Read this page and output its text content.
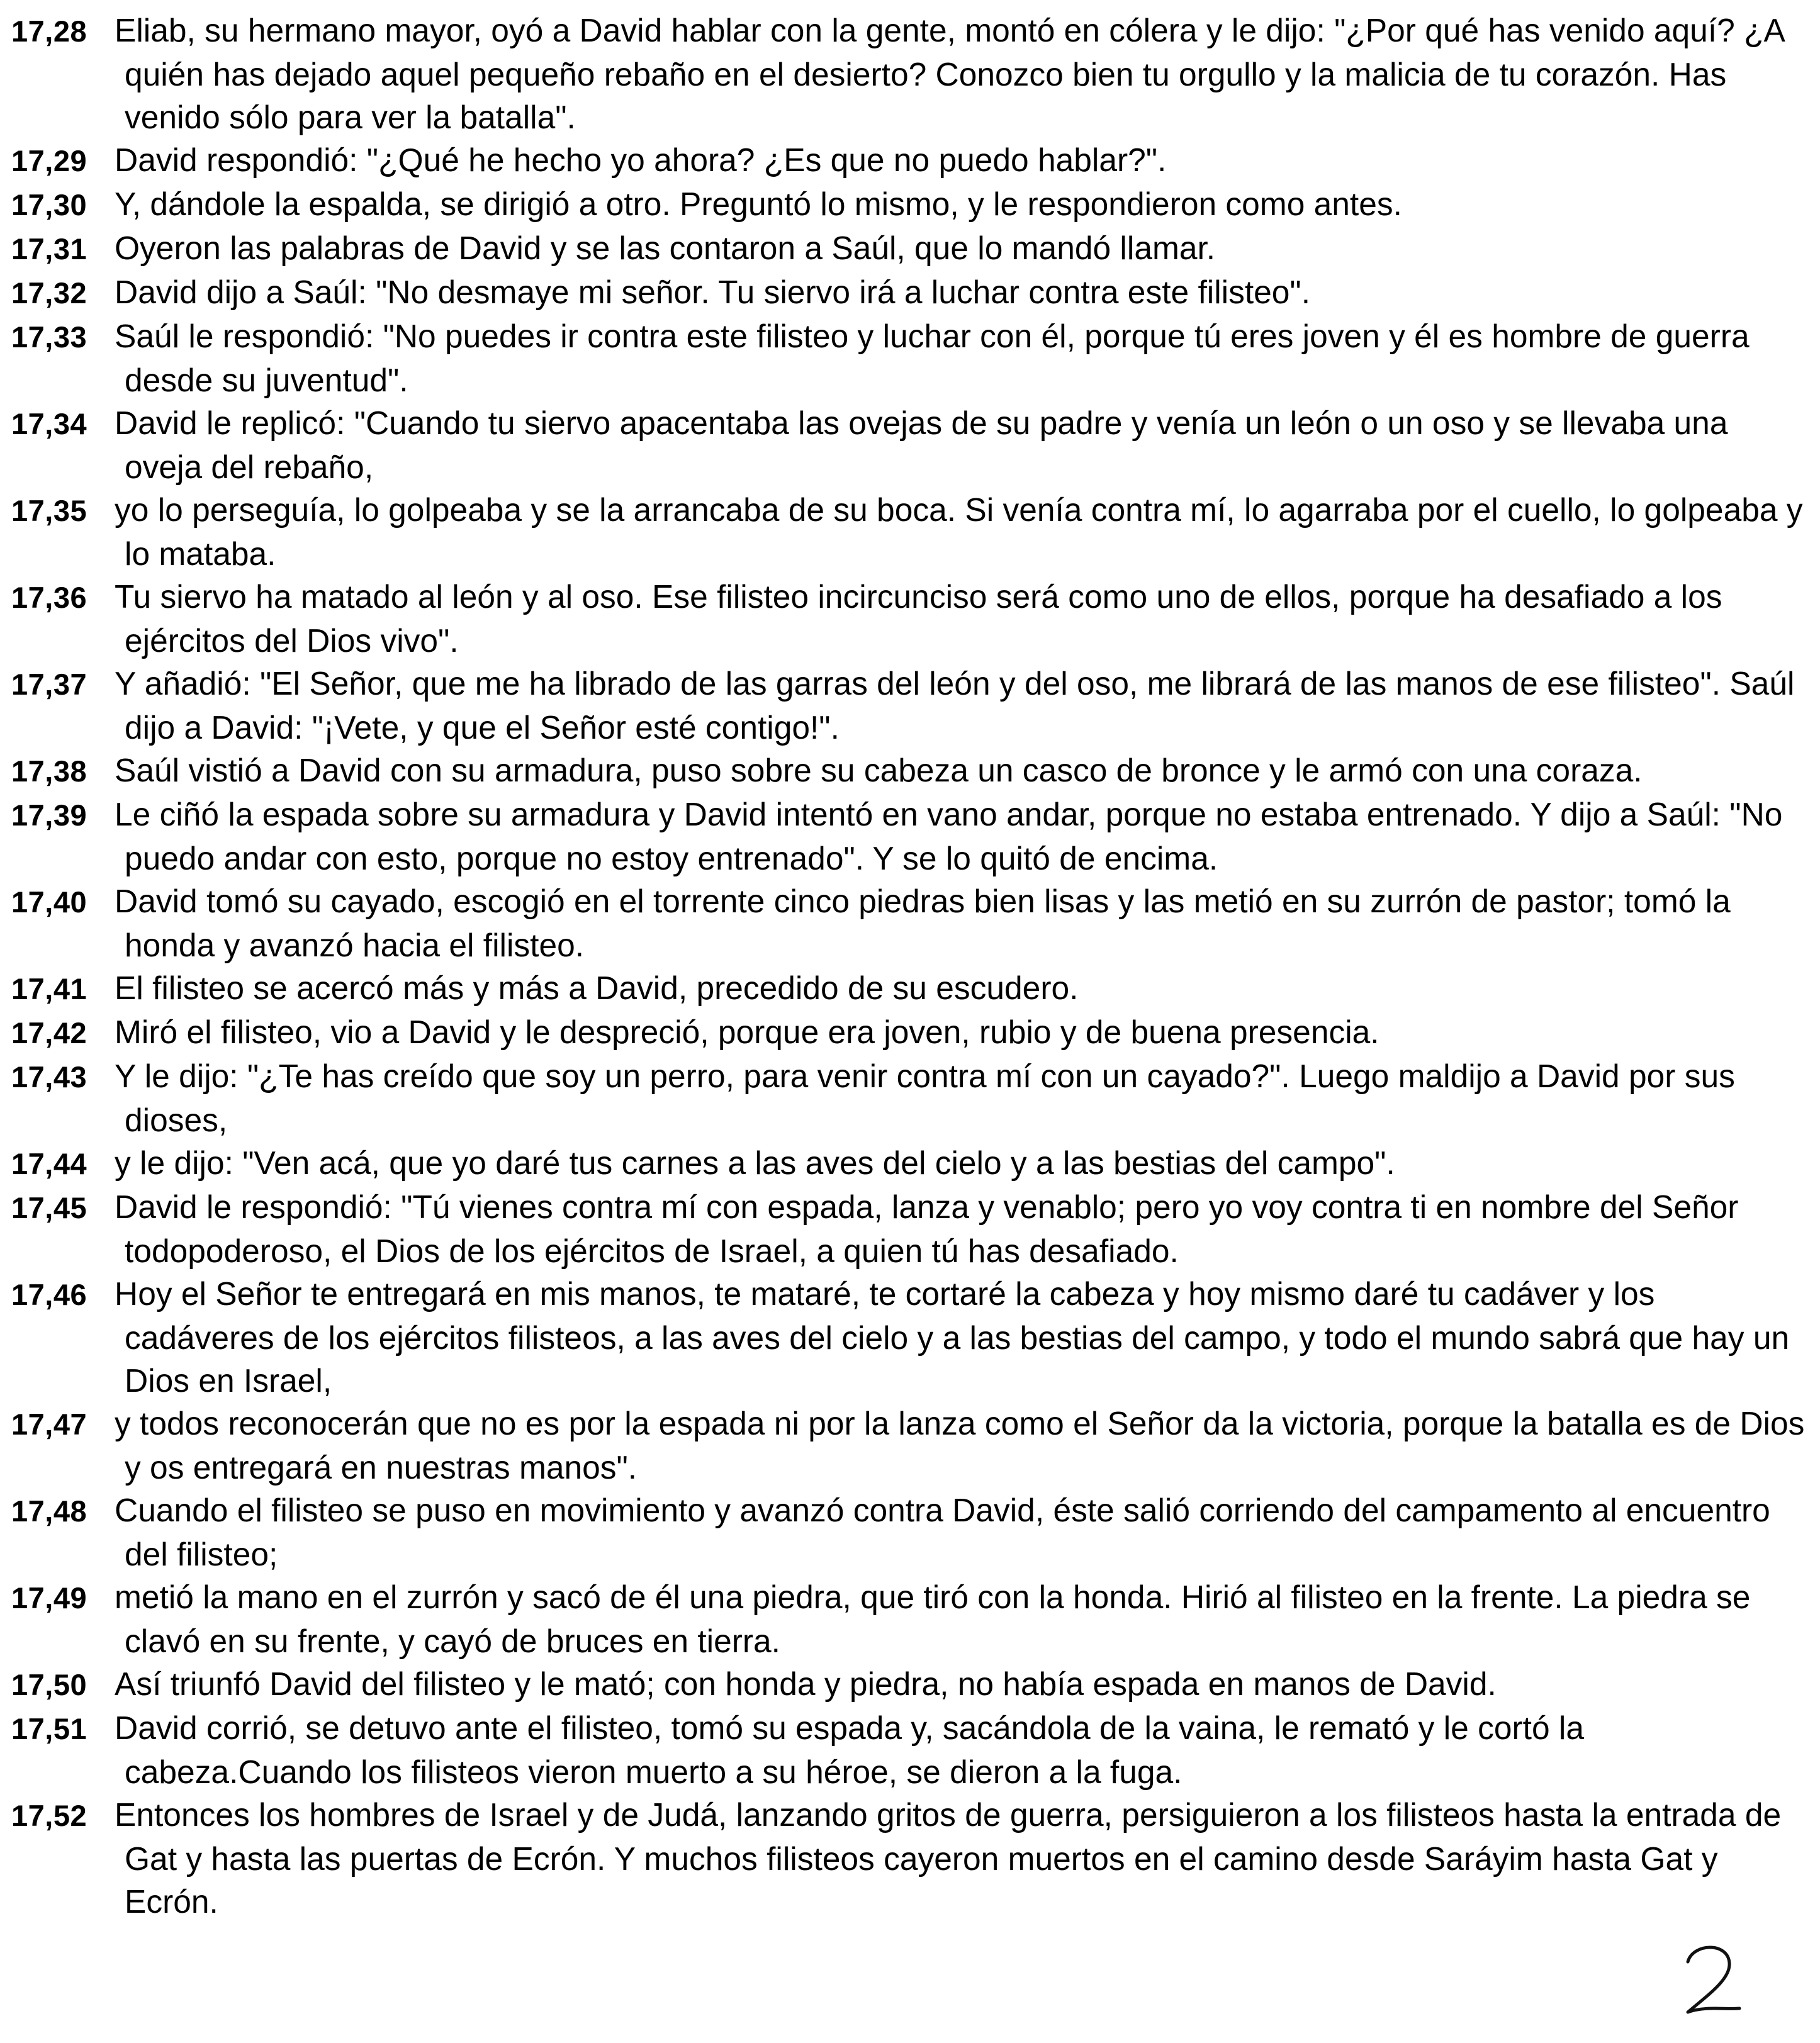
17,28 Eliab, su hermano mayor, oyó a David hablar con la gente, montó en cólera y le dijo: "¿Por qué has venido aquí? ¿A quién has dejado aquel pequeño rebaño en el desierto? Conozco bien tu orgullo y la malicia de tu corazón. Has venido sólo para ver la batalla".

17,29 David respondió: "¿Qué he hecho yo ahora? ¿Es que no puedo hablar?".

17,30 Y, dándole la espalda, se dirigió a otro. Preguntó lo mismo, y le respondieron como antes.

17,31 Oyeron las palabras de David y se las contaron a Saúl, que lo mandó llamar.

17,32 David dijo a Saúl: "No desmaye mi señor. Tu siervo irá a luchar contra este filisteo".

17,33 Saúl le respondió: "No puedes ir contra este filisteo y luchar con él, porque tú eres joven y él es hombre de guerra desde su juventud".

17,34 David le replicó: "Cuando tu siervo apacentaba las ovejas de su padre y venía un león o un oso y se llevaba una oveja del rebaño,

17,35 yo lo perseguía, lo golpeaba y se la arrancaba de su boca. Si venía contra mí, lo agarraba por el cuello, lo golpeaba y lo mataba.

17,36 Tu siervo ha matado al león y al oso. Ese filisteo incircunciso será como uno de ellos, porque ha desafiado a los ejércitos del Dios vivo".

17,37 Y añadió: "El Señor, que me ha librado de las garras del león y del oso, me librará de las manos de ese filisteo". Saúl dijo a David: "¡Vete, y que el Señor esté contigo!".

17,38 Saúl vistió a David con su armadura, puso sobre su cabeza un casco de bronce y le armó con una coraza.

17,39 Le ciñó la espada sobre su armadura y David intentó en vano andar, porque no estaba entrenado. Y dijo a Saúl: "No puedo andar con esto, porque no estoy entrenado". Y se lo quitó de encima.

17,40 David tomó su cayado, escogió en el torrente cinco piedras bien lisas y las metió en su zurrón de pastor; tomó la honda y avanzó hacia el filisteo.

17,41 El filisteo se acercó más y más a David, precedido de su escudero.

17,42 Miró el filisteo, vio a David y le despreció, porque era joven, rubio y de buena presencia.

17,43 Y le dijo: "¿Te has creído que soy un perro, para venir contra mí con un cayado?". Luego maldijo a David por sus dioses,

17,44 y le dijo: "Ven acá, que yo daré tus carnes a las aves del cielo y a las bestias del campo".

17,45 David le respondió: "Tú vienes contra mí con espada, lanza y venablo; pero yo voy contra ti en nombre del Señor todopoderoso, el Dios de los ejércitos de Israel, a quien tú has desafiado.

17,46 Hoy el Señor te entregará en mis manos, te mataré, te cortaré la cabeza y hoy mismo daré tu cadáver y los cadáveres de los ejércitos filisteos, a las aves del cielo y a las bestias del campo, y todo el mundo sabrá que hay un Dios en Israel,

17,47 y todos reconocerán que no es por la espada ni por la lanza como el Señor da la victoria, porque la batalla es de Dios y os entregará en nuestras manos".

17,48 Cuando el filisteo se puso en movimiento y avanzó contra David, éste salió corriendo del campamento al encuentro del filisteo;

17,49 metió la mano en el zurrón y sacó de él una piedra, que tiró con la honda. Hirió al filisteo en la frente. La piedra se clavó en su frente, y cayó de bruces en tierra.

17,50 Así triunfó David del filisteo y le mató; con honda y piedra, no había espada en manos de David.

17,51 David corrió, se detuvo ante el filisteo, tomó su espada y, sacándola de la vaina, le remató y le cortó la cabeza.Cuando los filisteos vieron muerto a su héroe, se dieron a la fuga.

17,52 Entonces los hombres de Israel y de Judá, lanzando gritos de guerra, persiguieron a los filisteos hasta la entrada de Gat y hasta las puertas de Ecrón. Y muchos filisteos cayeron muertos en el camino desde Saráyim hasta Gat y Ecrón.
